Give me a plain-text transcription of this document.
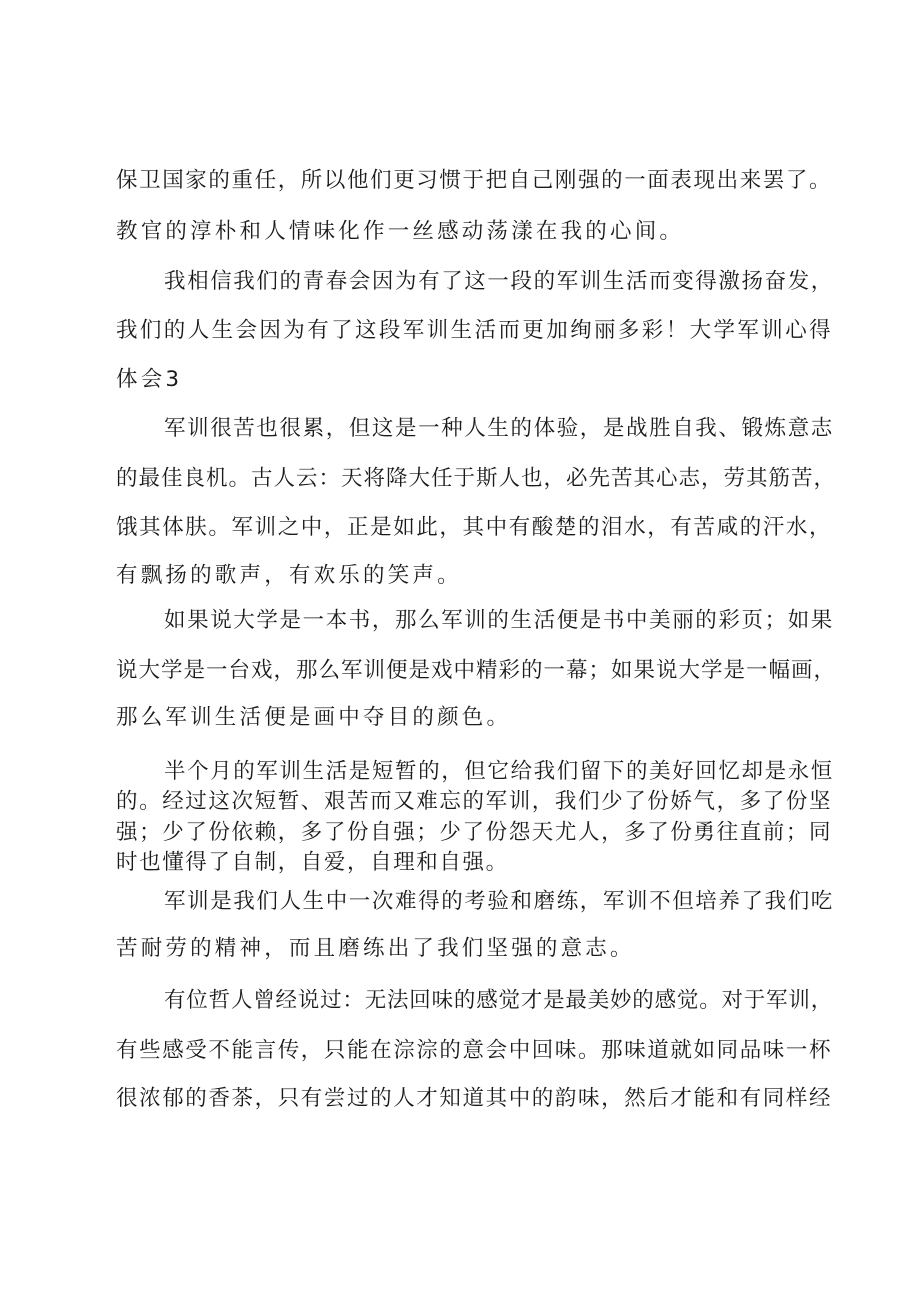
保卫国家的重任，所以他们更习惯于把自己刚强的一面表现出来罢了。
教官的淳朴和人情味化作一丝感动荡漾在我的心间。
我相信我们的青春会因为有了这一段的军训生活而变得激扬奋发，
我们的人生会因为有了这段军训生活而更加绚丽多彩！大学军训心得
体会3
军训很苦也很累，但这是一种人生的体验，是战胜自我、锻炼意志
的最佳良机。古人云：天将降大任于斯人也，必先苦其心志，劳其筋苦，
饿其体肤。军训之中，正是如此，其中有酸楚的泪水，有苦咸的汗水，
有飘扬的歌声，有欢乐的笑声。
如果说大学是一本书，那么军训的生活便是书中美丽的彩页；如果
说大学是一台戏，那么军训便是戏中精彩的一幕；如果说大学是一幅画，
那么军训生活便是画中夺目的颜色。
半个月的军训生活是短暂的，但它给我们留下的美好回忆却是永恒
的。经过这次短暂、艰苦而又难忘的军训，我们少了份娇气，多了份坚
强；少了份依赖，多了份自强；少了份怨天尤人，多了份勇往直前；同
时也懂得了自制，自爱，自理和自强。
军训是我们人生中一次难得的考验和磨练，军训不但培养了我们吃
苦耐劳的精神，而且磨练出了我们坚强的意志。
有位哲人曾经说过：无法回味的感觉才是最美妙的感觉。对于军训，
有些感受不能言传，只能在淙淙的意会中回味。那味道就如同品味一杯
很浓郁的香茶，只有尝过的人才知道其中的韵味，然后才能和有同样经
